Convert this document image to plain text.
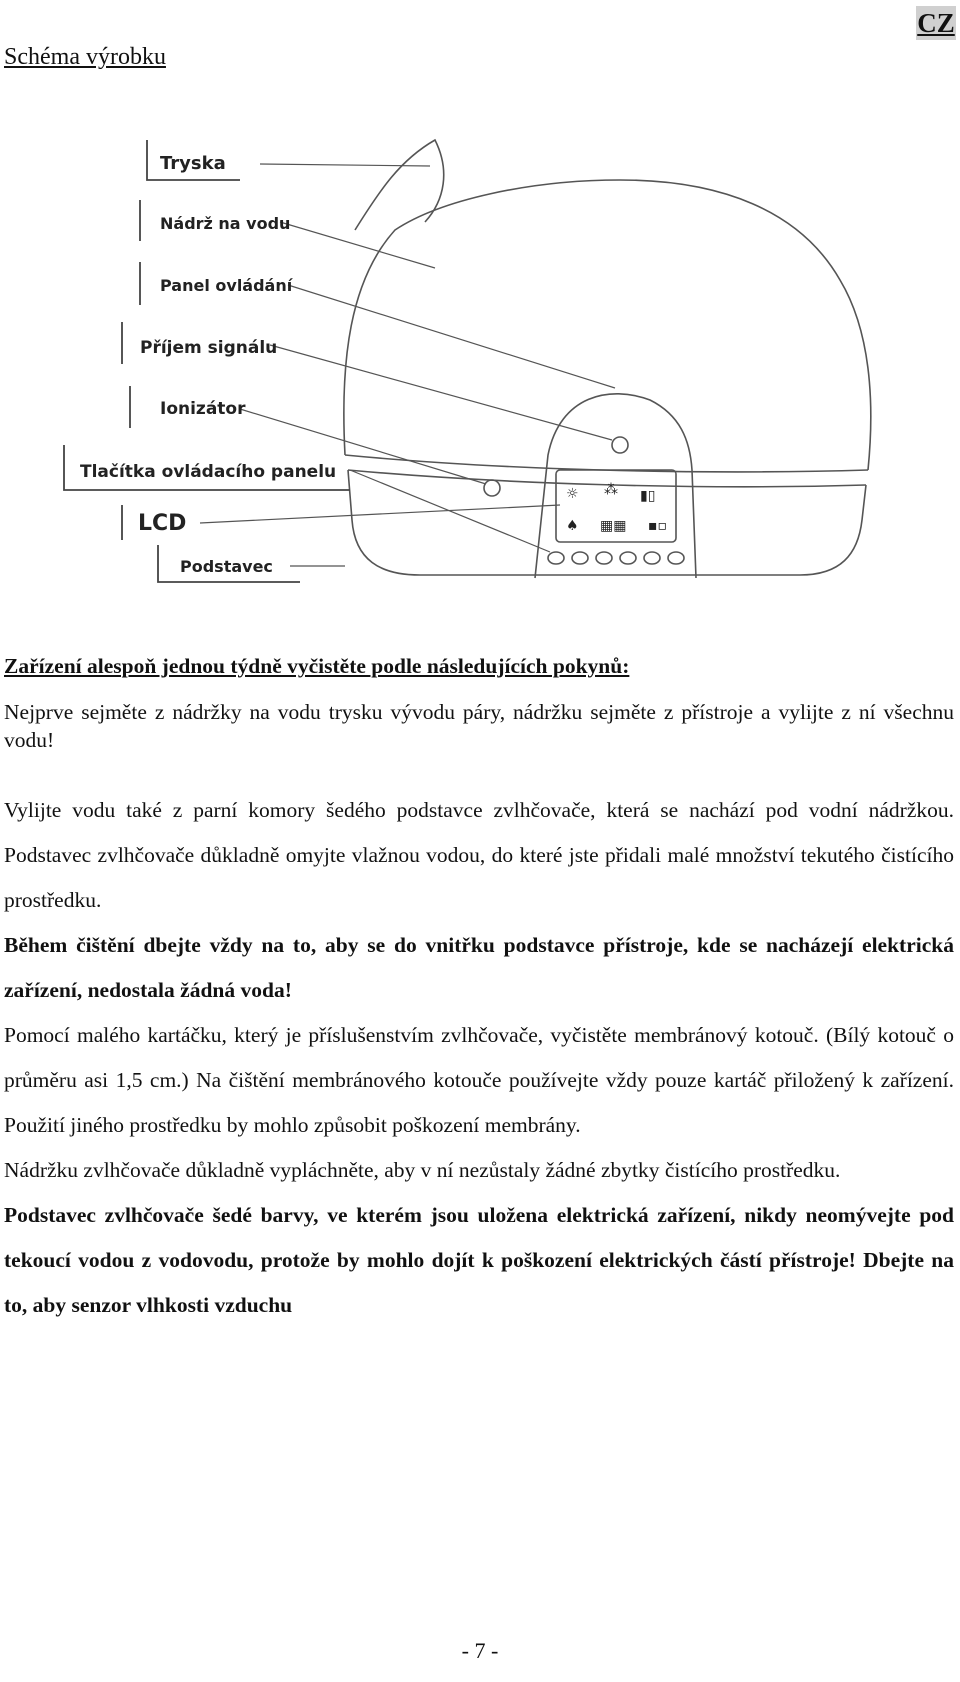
CZ
Schéma výrobku
☼ ⁂ ▮▯
♠ ▦▦ ▪▫
Tryska
Nádrž na vodu
Panel ovládání
Příjem signálu
Ionizátor
Tlačítka ovládacího panelu
LCD
Podstavec
Zařízení alespoň jednou týdně vyčistěte podle následujících pokynů:

Nejprve sejměte z nádržky na vodu trysku vývodu páry, nádržku sejměte z přístroje a vylijte z ní všechnu vodu!

Vylijte vodu také z parní komory šedého podstavce zvlhčovače, která se nachází pod vodní nádržkou. Podstavec zvlhčovače důkladně omyjte vlažnou vodou, do které jste přidali malé množství tekutého čistícího prostředku.

Během čištění dbejte vždy na to, aby se do vnitřku podstavce přístroje, kde se nacházejí elektrická zařízení, nedostala žádná voda!

Pomocí malého kartáčku, který je příslušenstvím zvlhčovače, vyčistěte membránový kotouč. (Bílý kotouč o průměru asi 1,5 cm.) Na čištění membránového kotouče používejte vždy pouze kartáč přiložený k zařízení. Použití jiného prostředku by mohlo způsobit poškození membrány.

Nádržku zvlhčovače důkladně vypláchněte, aby v ní nezůstaly žádné zbytky čistícího prostředku.

Podstavec zvlhčovače šedé barvy, ve kterém jsou uložena elektrická zařízení, nikdy neomývejte pod tekoucí vodou z vodovodu, protože by mohlo dojít k poškození elektrických částí přístroje! Dbejte na to, aby senzor vlhkosti vzduchu

- 7 -
